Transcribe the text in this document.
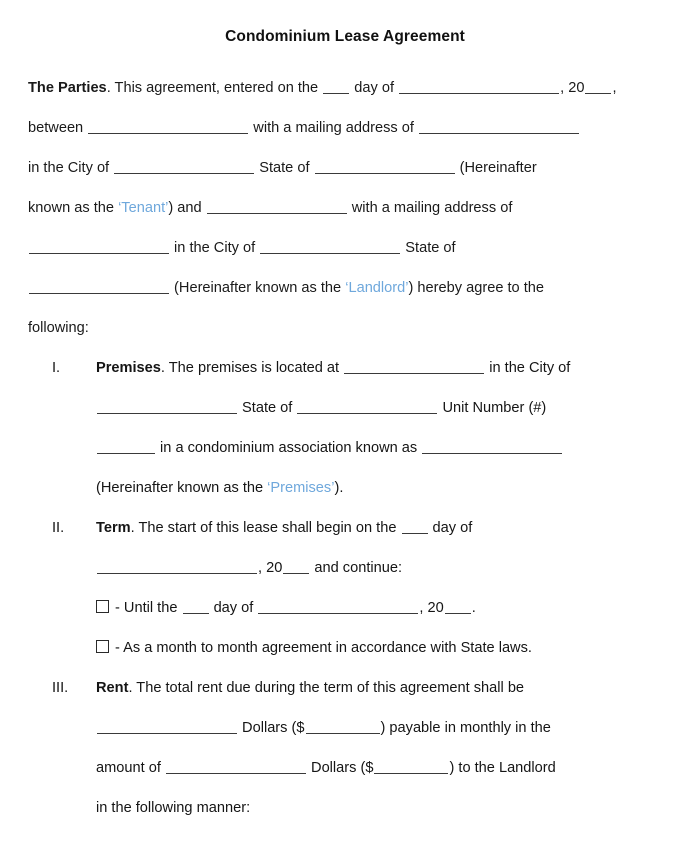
Condominium Lease Agreement
The Parties. This agreement, entered on the  day of	, 20 ,
between	with a mailing address of
in the City of	State of	(Hereinafter
known as the ‘Tenant’) and	with a mailing address of
in the City of	State of
(Hereinafter known as the ‘Landlord’) hereby agree to the
following:
I.	Premises. The premises is located at	in the City of
State of	Unit Number (#)
in a condominium association known as
(Hereinafter known as the ‘Premises’).
II.	Term. The start of this lease shall begin on the  day of
, 20 and continue:
- Until the  day of	, 20 .
- As a month to month agreement in accordance with State laws.
III.	Rent. The total rent due during the term of this agreement shall be
Dollars ($	) payable in monthly in the
amount of	Dollars ($	) to the Landlord
in the following manner:
